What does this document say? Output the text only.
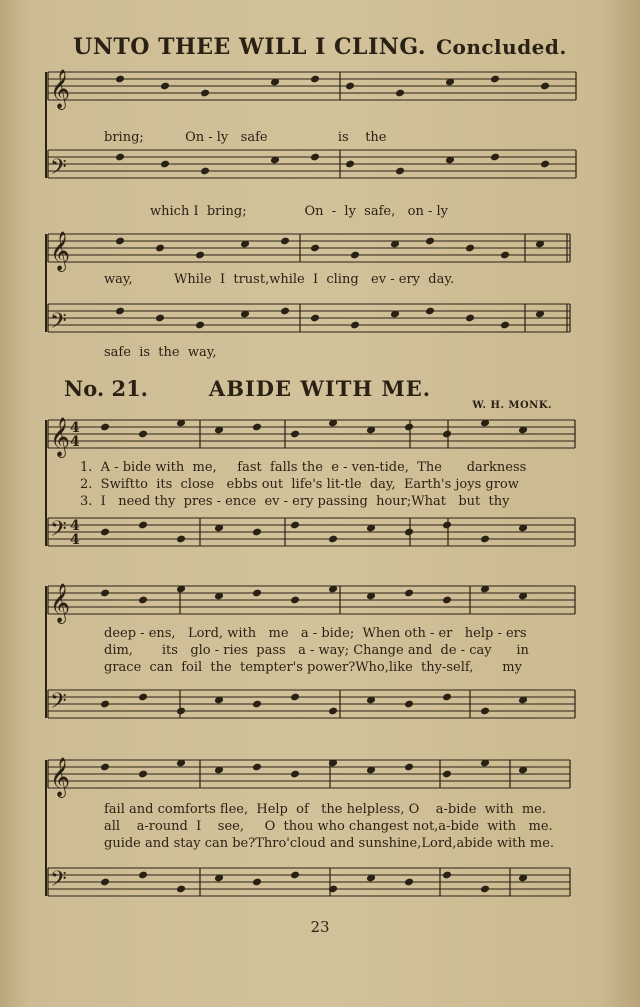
UNTO THEE WILL I CLING. Concluded.
𝄞
𝄢
𝄞
𝄢
𝄞
𝄢
𝄞
𝄢
𝄞
𝄢
4
4
4
4
bring;          On - ly   safe                 is    the
which I  bring;              On  -  ly  safe,   on - ly
way,          While  I  trust,while  I  cling   ev - ery  day.
safe  is  the  way,
No. 21.	ABIDE WITH ME.
W. H. MONK.
1.  A - bide with  me,     fast  falls the  e - ven-tide,  The      darkness
2.  Swiftto  its  close   ebbs out  life's lit-tle  day,  Earth's joys grow
3.  I   need thy  pres - ence  ev - ery passing  hour;What   but  thy
deep - ens,   Lord, with   me   a - bide;  When oth - er   help - ers
dim,       its   glo - ries  pass   a - way; Change and  de - cay      in
grace  can  foil  the  tempter's power?Who,like  thy-self,       my
fail and comforts flee,  Help  of   the helpless, O    a-bide  with  me.
all    a-round  I    see,     O  thou who changest not,a-bide  with   me.
guide and stay can be?Thro'cloud and sunshine,Lord,abide with me.
23
